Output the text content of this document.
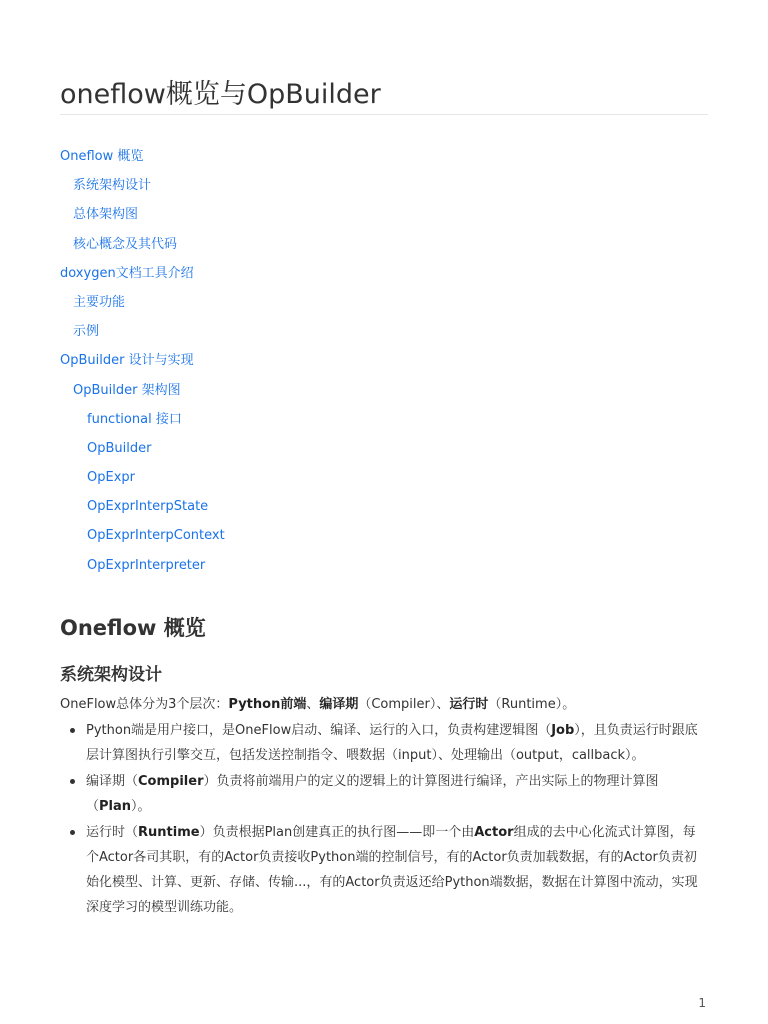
oneflow概览与OpBuilder
Oneflow 概览
系统架构设计
总体架构图
核心概念及其代码
doxygen文档工具介绍
主要功能
示例
OpBuilder 设计与实现
OpBuilder 架构图
functional 接口
OpBuilder
OpExpr
OpExprInterpState
OpExprInterpContext
OpExprInterpreter
Oneflow 概览
系统架构设计

OneFlow总体分为3个层次：Python前端、编译期（Compiler）、运行时（Runtime）。

Python端是用户接口，是OneFlow启动、编译、运行的入口，负责构建逻辑图（Job），且负责运行时跟底层计算图执行引擎交互，包括发送控制指令、喂数据（input）、处理输出（output，callback）。
编译期（Compiler）负责将前端用户的定义的逻辑上的计算图进行编译，产出实际上的物理计算图（Plan）。
运行时（Runtime）负责根据Plan创建真正的执行图——即一个由Actor组成的去中心化流式计算图，每个Actor各司其职，有的Actor负责接收Python端的控制信号，有的Actor负责加载数据，有的Actor负责初始化模型、计算、更新、存储、传输...，有的Actor负责返还给Python端数据，数据在计算图中流动，实现深度学习的模型训练功能。
1
